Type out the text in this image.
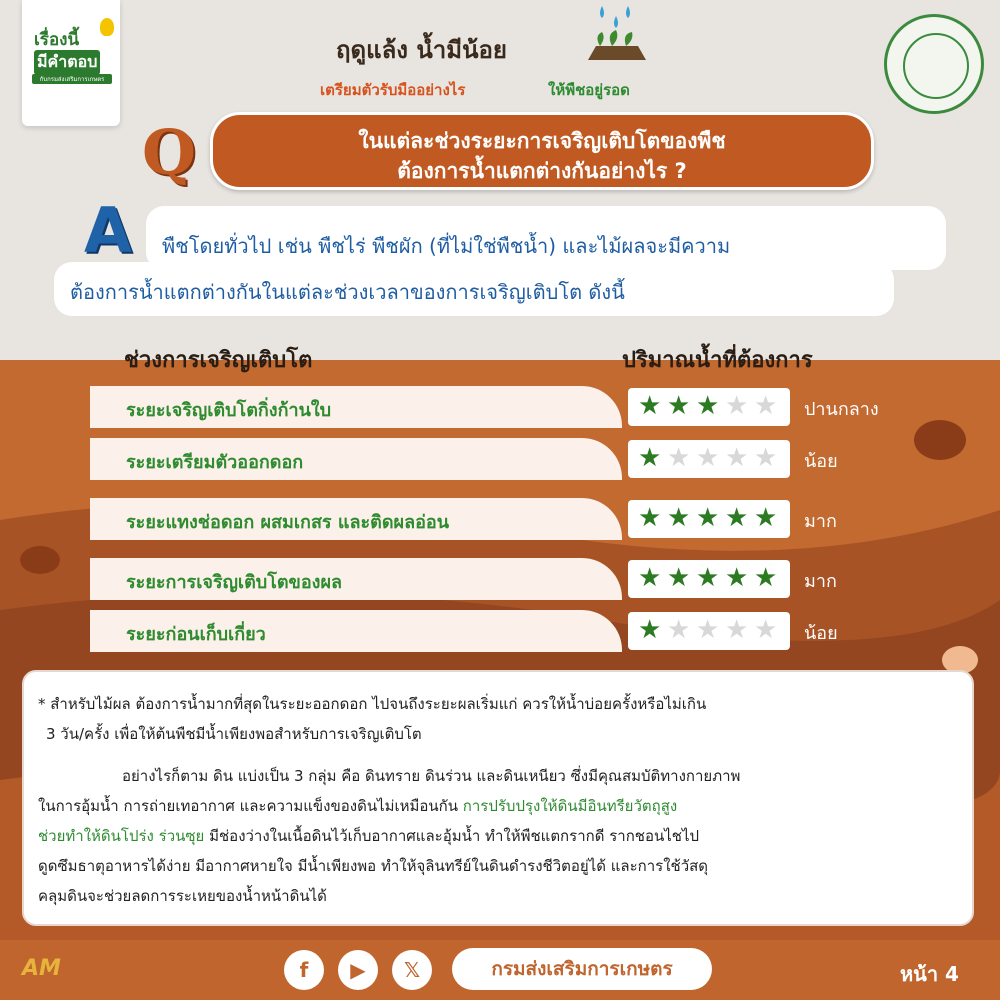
เรื่องนี้
มีคำตอบ
กับกรมส่งเสริมการเกษตร
ฤดูแล้ง น้ำมีน้อย
เตรียมตัวรับมืออย่างไร	ให้พืชอยู่รอด
Q	ในแต่ละช่วงระยะการเจริญเติบโตของพืช
ต้องการน้ำแตกต่างกันอย่างไร ?
A พืชโดยทั่วไป เช่น พืชไร่ พืชผัก (ที่ไม่ใช่พืชน้ำ) และไม้ผลจะมีความ
ต้องการน้ำแตกต่างกันในแต่ละช่วงเวลาของการเจริญเติบโต ดังนี้
ช่วงการเจริญเติบโต	ปริมาณน้ำที่ต้องการ
ระยะเจริญเติบโตกิ่งก้านใบ	★ ★ ★ ★ ★ ปานกลาง
ระยะเตรียมตัวออกดอก	★ ★ ★ ★ ★ น้อย
ระยะแทงช่อดอก ผสมเกสร และติดผลอ่อน	★ ★ ★ ★ ★ มาก
ระยะการเจริญเติบโตของผล	★ ★ ★ ★ ★ มาก
ระยะก่อนเก็บเกี่ยว	★ ★ ★ ★ ★ น้อย
* สำหรับไม้ผล ต้องการน้ำมากที่สุดในระยะออกดอก ไปจนถึงระยะผลเริ่มแก่ ควรให้น้ำบ่อยครั้งหรือไม่เกิน
3 วัน/ครั้ง เพื่อให้ต้นพืชมีน้ำเพียงพอสำหรับการเจริญเติบโต
อย่างไรก็ตาม ดิน แบ่งเป็น 3 กลุ่ม คือ ดินทราย ดินร่วน และดินเหนียว ซึ่งมีคุณสมบัติทางกายภาพ
ในการอุ้มน้ำ การถ่ายเทอากาศ และความแข็งของดินไม่เหมือนกัน การปรับปรุงให้ดินมีอินทรียวัตถุสูง
ช่วยทำให้ดินโปร่ง ร่วนซุย มีช่องว่างในเนื้อดินไว้เก็บอากาศและอุ้มน้ำ ทำให้พืชแตกรากดี รากชอนไชไป
ดูดซึมธาตุอาหารได้ง่าย มีอากาศหายใจ มีน้ำเพียงพอ ทำให้จุลินทรีย์ในดินดำรงชีวิตอยู่ได้ และการใช้วัสดุ
คลุมดินจะช่วยลดการระเหยของน้ำหน้าดินได้
AM	f	▶	𝕏	กรมส่งเสริมการเกษตร	หน้า 4
